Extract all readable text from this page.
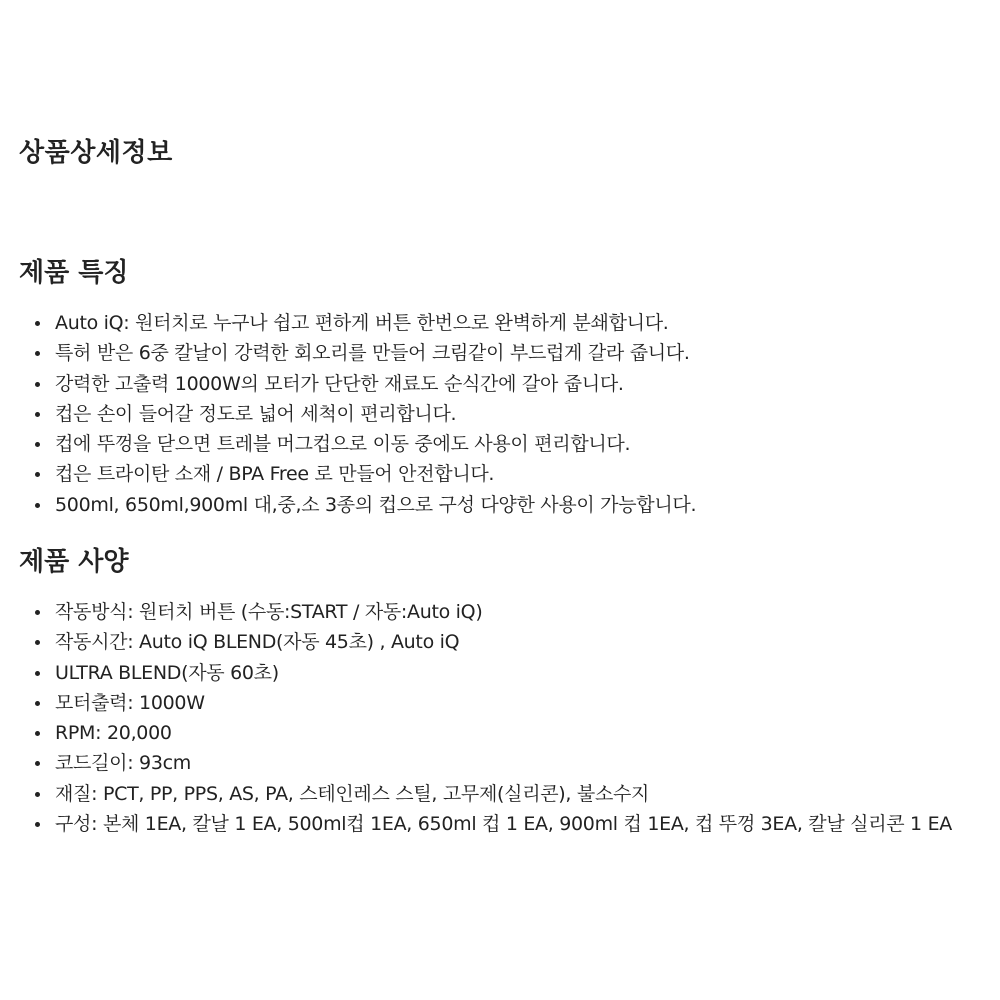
상품상세정보
제품 특징
Auto iQ: 원터치로 누구나 쉽고 편하게 버튼 한번으로 완벽하게 분쇄합니다.
특허 받은 6중 칼날이 강력한 회오리를 만들어 크림같이 부드럽게 갈라 줍니다.
강력한 고출력 1000W의 모터가 단단한 재료도 순식간에 갈아 줍니다.
컵은 손이 들어갈 정도로 넓어 세척이 편리합니다.
컵에 뚜껑을 닫으면 트레블 머그컵으로 이동 중에도 사용이 편리합니다.
컵은 트라이탄 소재 / BPA Free 로 만들어 안전합니다.
500ml, 650ml,900ml 대,중,소 3종의 컵으로 구성 다양한 사용이 가능합니다.
제품 사양
작동방식: 원터치 버튼 (수동:START / 자동:Auto iQ)
작동시간: Auto iQ BLEND(자동 45초) , Auto iQ
ULTRA BLEND(자동 60초)
모터출력: 1000W
RPM: 20,000
코드길이: 93cm
재질: PCT, PP, PPS, AS, PA, 스테인레스 스틸, 고무제(실리콘), 불소수지
구성: 본체 1EA, 칼날 1 EA, 500ml컵 1EA, 650ml 컵 1 EA, 900ml 컵 1EA, 컵 뚜껑 3EA, 칼날 실리콘 1 EA
